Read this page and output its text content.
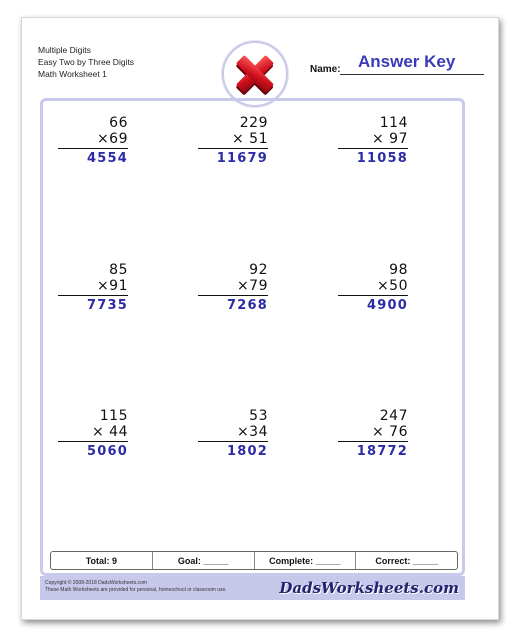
Multiple Digits
Easy Two by Three Digits
Math Worksheet 1	Name: Answer Key
66
×69
4554
229
× 51
11679
114
× 97
11058
85
×91
7735
92
×79
7268
98
×50
4900
115
× 44
5060
53
×34
1802
247
× 76
18772
Total: 9	Goal: _____	Complete: _____	Correct: _____
Copyright © 2008-2018 DadsWorksheets.com
These Math Worksheets are provided for personal, homeschool or classroom use.	DadsWorksheets.com
